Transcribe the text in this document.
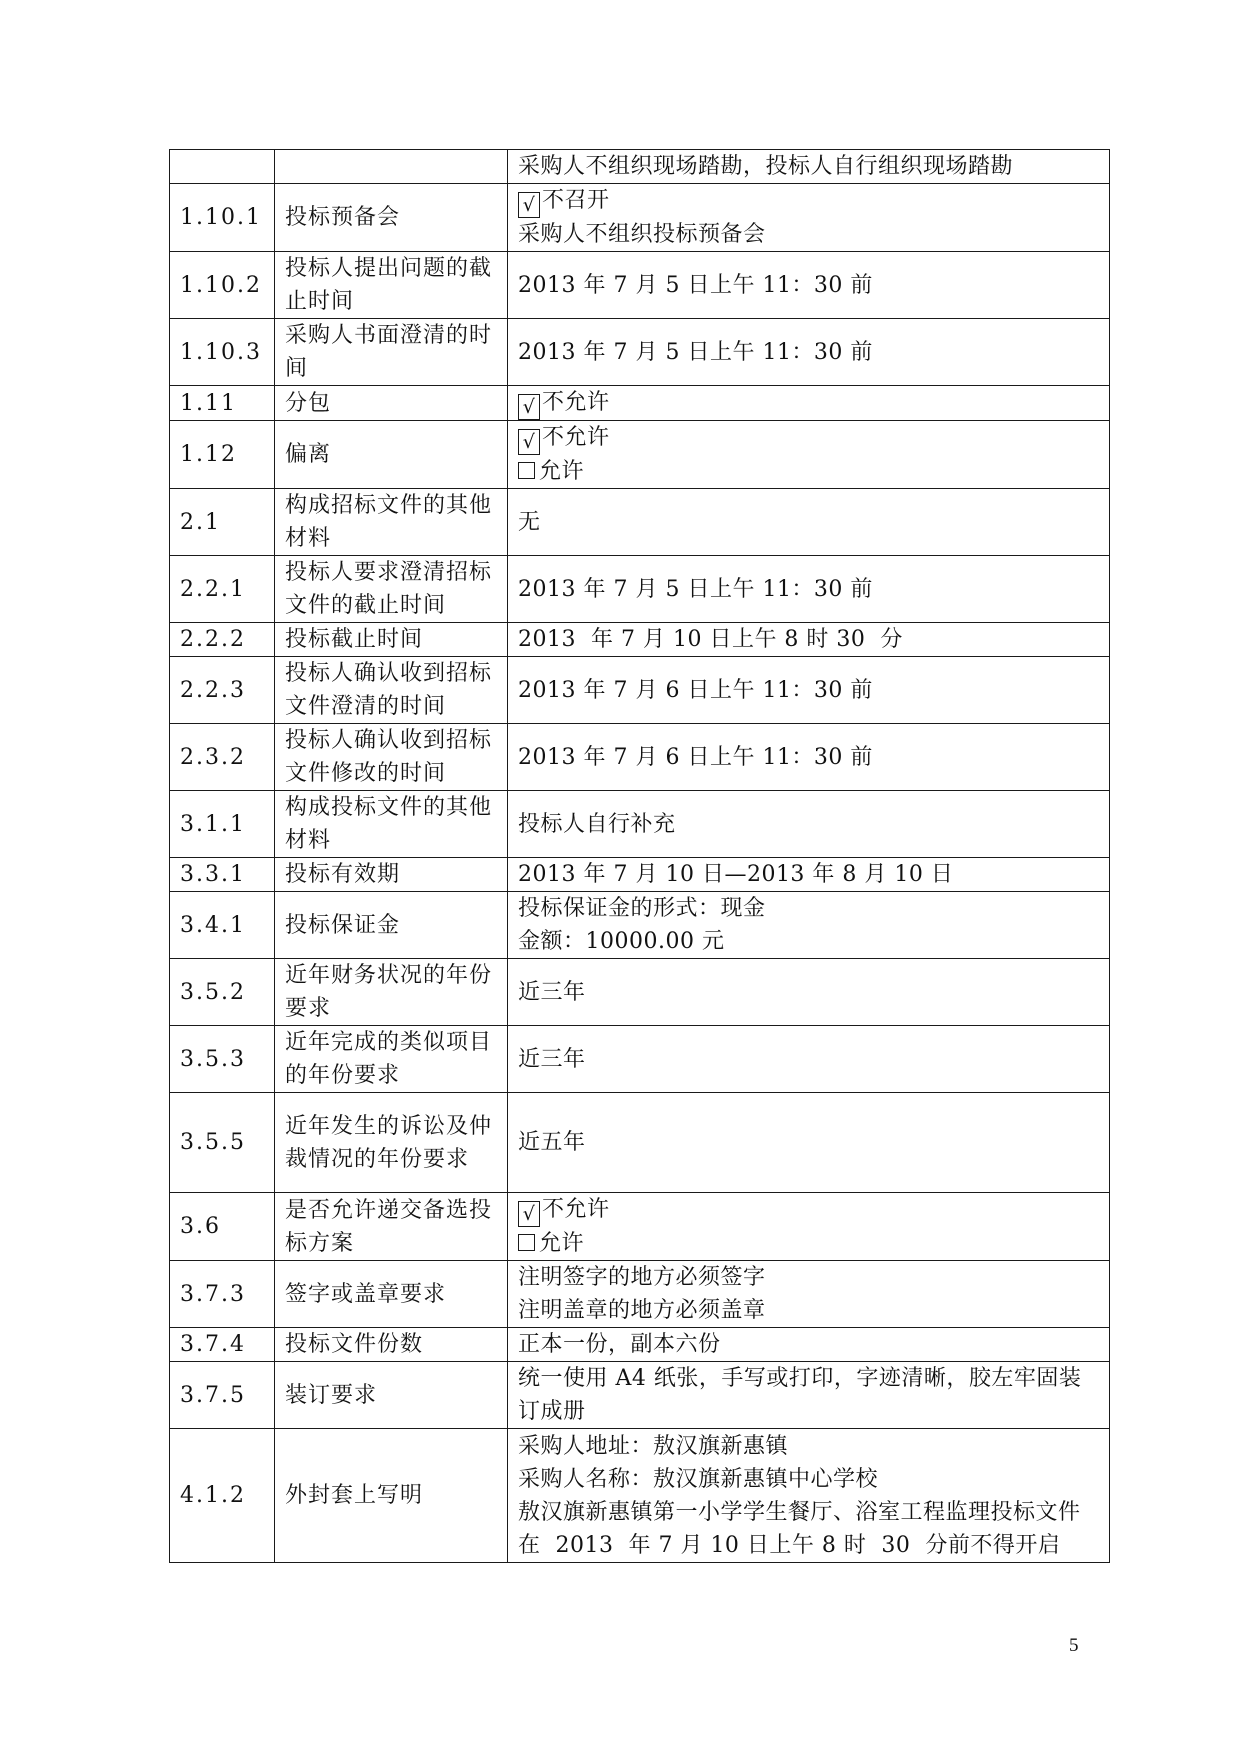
		采购人不组织现场踏勘，投标人自行组织现场踏勘

1.10.1	投标预备会	√ 不召开
采购人不组织投标预备会

1.10.2	投标人提出问题的截止时间	2013 年 7 月 5 日上午 11：30 前

1.10.3	采购人书面澄清的时间	2013 年 7 月 5 日上午 11：30 前

1.11	分包	√ 不允许

1.12	偏离	√ 不允许
允许

2.1	构成招标文件的其他材料	无

2.2.1	投标人要求澄清招标文件的截止时间	2013 年 7 月 5 日上午 11：30 前

2.2.2	投标截止时间	2013  年 7 月 10 日上午 8 时 30  分

2.2.3	投标人确认收到招标文件澄清的时间	2013 年 7 月 6 日上午 11：30 前

2.3.2	投标人确认收到招标文件修改的时间	2013 年 7 月 6 日上午 11：30 前

3.1.1	构成投标文件的其他材料	投标人自行补充

3.3.1	投标有效期	2013 年 7 月 10 日—2013 年 8 月 10 日

3.4.1	投标保证金	投标保证金的形式：现金
金额：10000.00 元

3.5.2	近年财务状况的年份要求	近三年

3.5.3	近年完成的类似项目的年份要求	近三年

3.5.5	近年发生的诉讼及仲裁情况的年份要求	近五年

3.6	是否允许递交备选投标方案	√ 不允许
允许

3.7.3	签字或盖章要求	注明签字的地方必须签字
注明盖章的地方必须盖章

3.7.4	投标文件份数	正本一份，副本六份

3.7.5	装订要求	统一使用 A4 纸张，手写或打印，字迹清晰，胶左牢固装订成册

4.1.2	外封套上写明	采购人地址：敖汉旗新惠镇
采购人名称：敖汉旗新惠镇中心学校
敖汉旗新惠镇第一小学学生餐厅、浴室工程监理投标文件在  2013  年 7 月 10 日上午 8 时  30  分前不得开启
5
